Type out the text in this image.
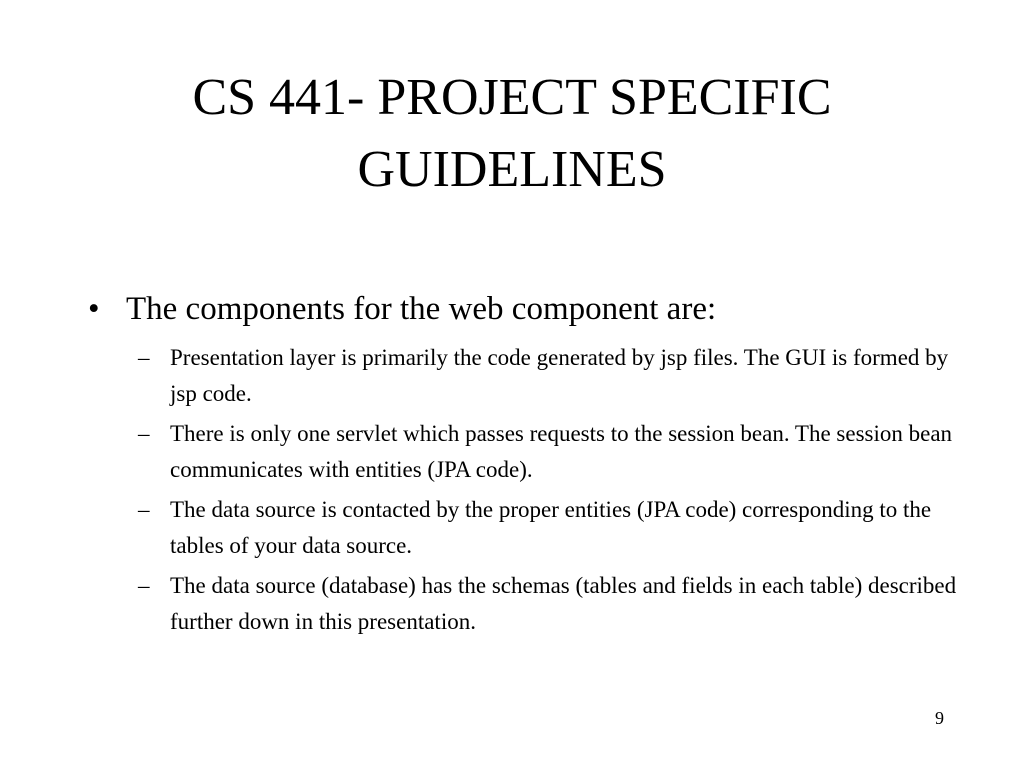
CS 441- PROJECT SPECIFIC
GUIDELINES
• The components for the web component are:
– Presentation layer is primarily the code generated by jsp files. The GUI is formed by jsp code.
– There is only one servlet which passes requests to the session bean. The session bean communicates with entities (JPA code).
– The data source is contacted by the proper entities (JPA code) corresponding to the tables of your data source.
– The data source (database) has the schemas (tables and fields in each table) described further down in this presentation.
9
